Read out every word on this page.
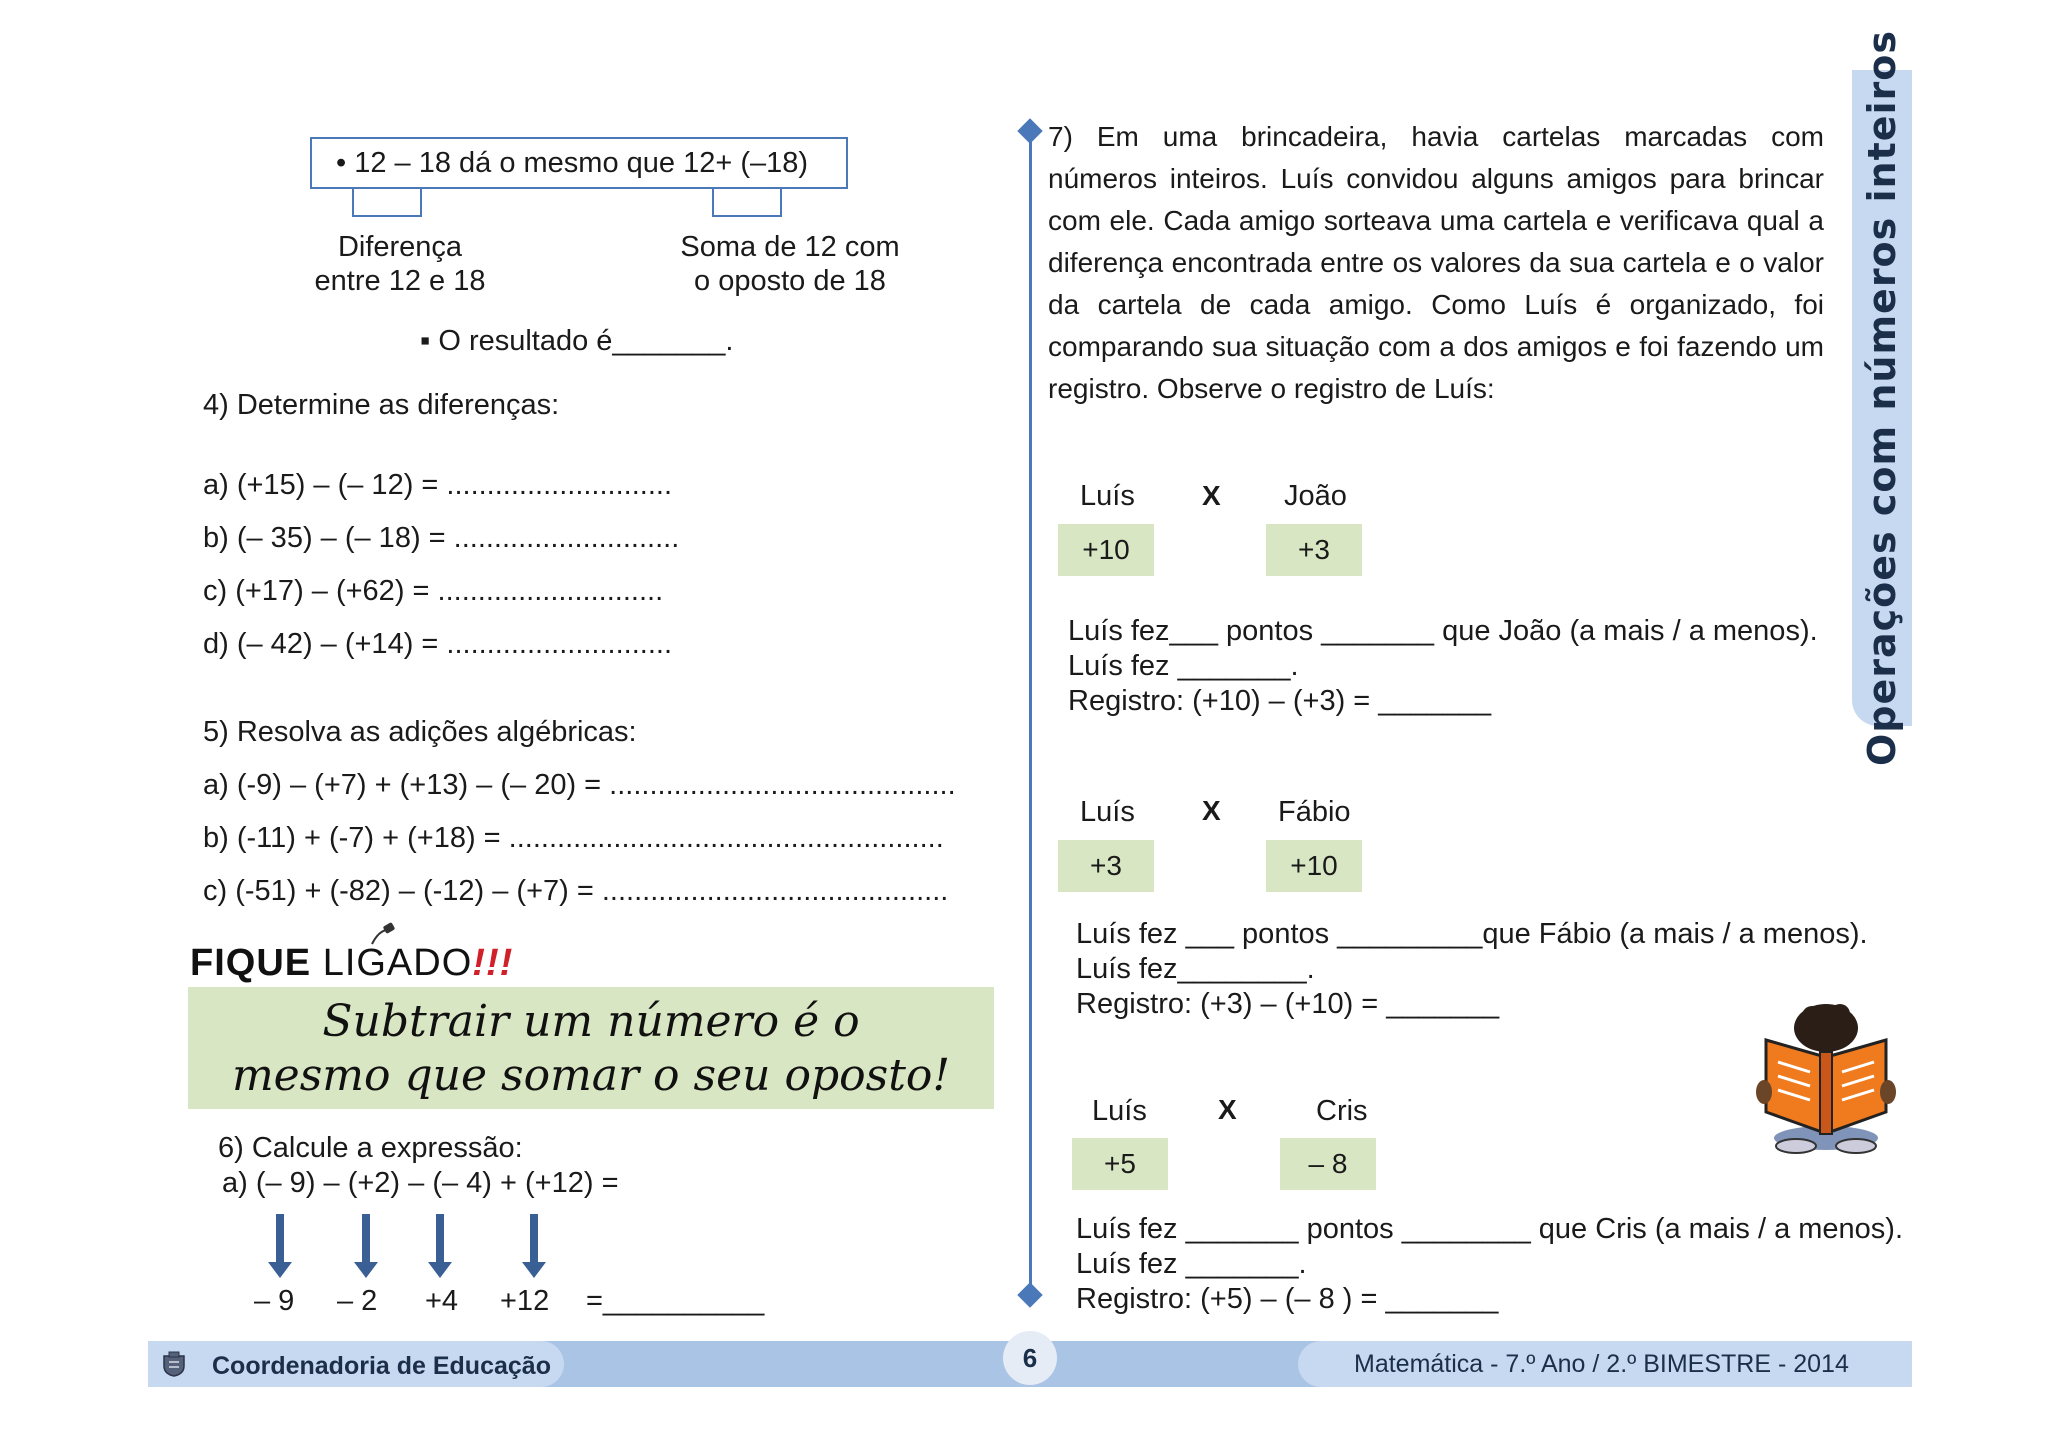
• 12 – 18 dá o mesmo que 12+ (–18)
Diferença
entre 12 e 18
Soma de 12 com
o oposto de 18
▪ O resultado é_______.
4) Determine as diferenças:
a) (+15) – (– 12) = ............................
b) (– 35) – (– 18) = ............................
c) (+17) – (+62) = ............................
d) (– 42) – (+14) = ............................
5) Resolva as adições algébricas:
a) (-9) – (+7) + (+13) – (– 20) = ...........................................
b) (-11) + (-7) + (+18) = ......................................................
c) (-51) + (-82) – (-12) – (+7) = ...........................................
FIQUE LIGADO!!!
Subtrair um número é o
mesmo que somar o seu oposto!
6) Calcule a expressão:
a) (– 9) – (+2) – (– 4) + (+12) =
– 9 – 2 +4 +12 =__________
7) Em uma brincadeira, havia cartelas marcadas com números inteiros. Luís convidou alguns amigos para brincar com ele. Cada amigo sorteava uma cartela e verificava qual a diferença encontrada entre os valores da sua cartela e o valor da cartela de cada amigo. Como Luís é organizado, foi comparando sua situação com a dos amigos e foi fazendo um registro. Observe o registro de Luís:
Luís X João
+10	+3
Luís fez___ pontos _______ que João (a mais / a menos).
Luís fez _______.
Registro: (+10) – (+3) = _______
Luís X Fábio
+3	+10
Luís fez ___ pontos _________que Fábio (a mais / a menos).
Luís fez________.
Registro: (+3) – (+10) = _______
Luís	X	Cris
+5	– 8
Luís fez _______ pontos ________ que Cris (a mais / a menos).
Luís fez _______.
Registro: (+5) – (– 8 ) = _______
Operações com números inteiros
Coordenadoria de Educação	6	Matemática - 7.º Ano / 2.º BIMESTRE - 2014
